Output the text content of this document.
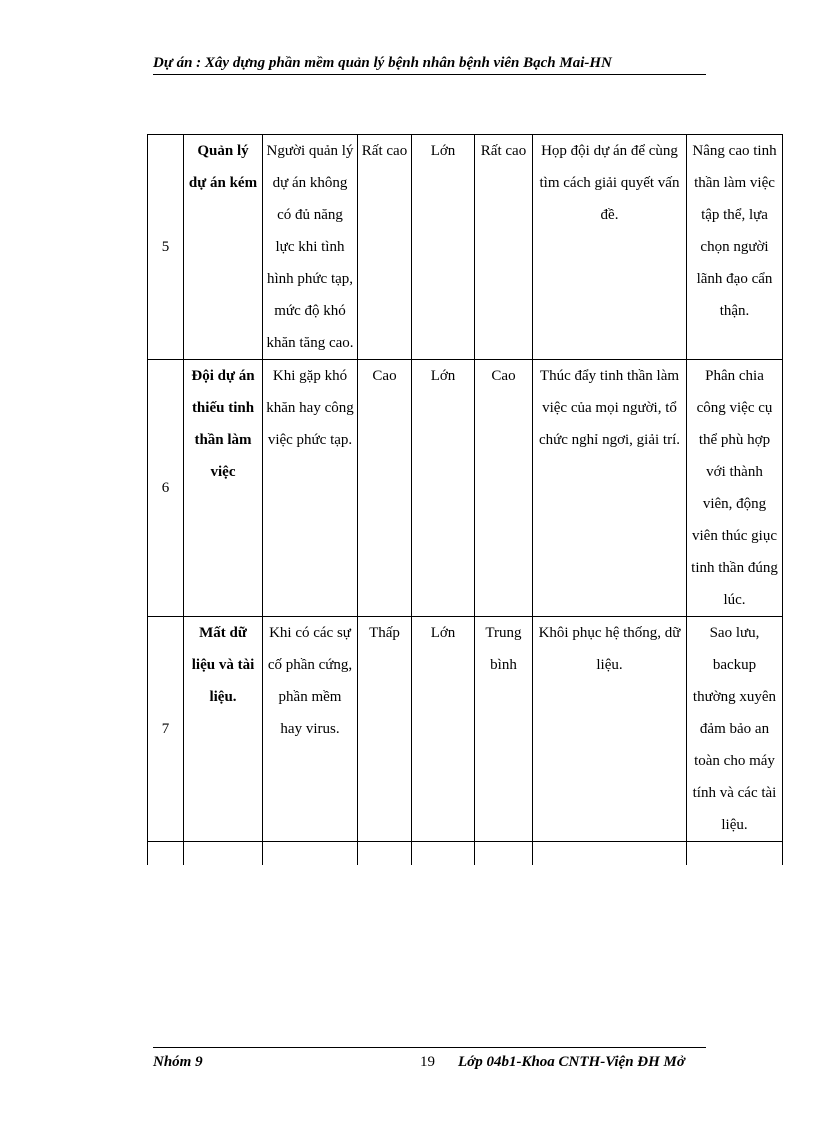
Dự án : Xây dựng phần mềm quản lý bệnh nhân bệnh viên Bạch Mai-HN
5	Quản lý dự án kém	Người quản lý dự án không có đủ năng lực khi tình hình phức tạp, mức độ khó khăn tăng cao.	Rất cao	Lớn	Rất cao	Họp đội dự án để cùng tìm cách giải quyết vấn đề.	Nâng cao tinh thần làm việc tập thể, lựa chọn người lãnh đạo cẩn thận.
6	Đội dự án thiếu tinh thần làm việc	Khi gặp khó khăn hay công việc phức tạp.	Cao	Lớn	Cao	Thúc đẩy tinh thần làm việc của mọi người, tổ chức nghỉ ngơi, giải trí.	Phân chia công việc cụ thể phù hợp với thành viên, động viên thúc giục tinh thần đúng lúc.
7	Mất dữ liệu và tài liệu.	Khi có các sự cố phần cứng, phần mềm hay virus.	Thấp	Lớn	Trung bình	Khôi phục hệ thống, dữ liệu.	Sao lưu, backup thường xuyên đảm bảo an toàn cho máy tính và các tài liệu.

Nhóm 9	19 Lớp 04b1-Khoa CNTH-Viện ĐH Mở
